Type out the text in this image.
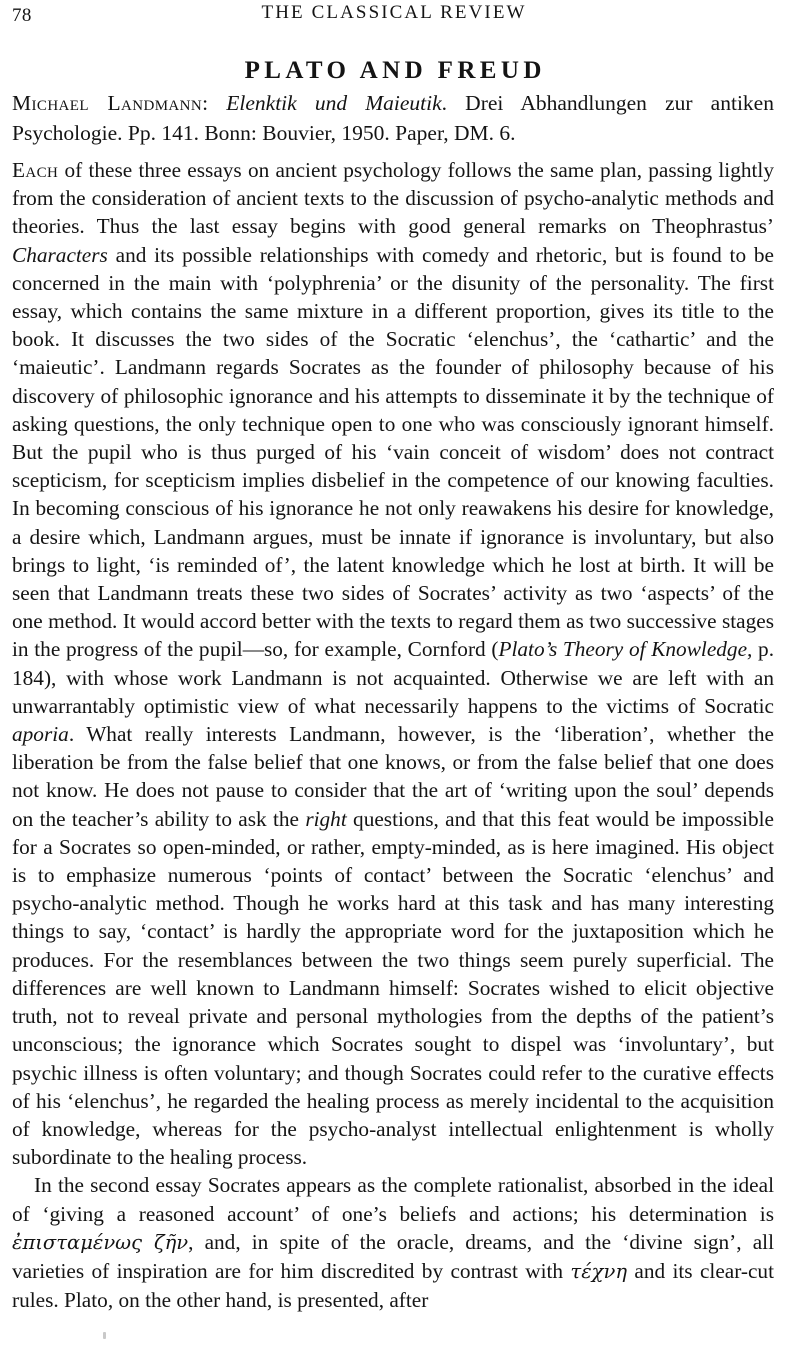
78	THE CLASSICAL REVIEW
PLATO AND FREUD
Michael Landmann: Elenktik und Maieutik. Drei Abhandlungen zur antiken Psychologie. Pp. 141. Bonn: Bouvier, 1950. Paper, DM. 6.

Each of these three essays on ancient psychology follows the same plan, passing lightly from the consideration of ancient texts to the discussion of psycho-analytic methods and theories. Thus the last essay begins with good general remarks on Theophrastus’ Characters and its possible relationships with comedy and rhetoric, but is found to be concerned in the main with ‘polyphrenia’ or the disunity of the personality. The first essay, which contains the same mixture in a different proportion, gives its title to the book. It discusses the two sides of the Socratic ‘elenchus’, the ‘cathartic’ and the ‘maieutic’. Landmann regards Socrates as the founder of philosophy because of his discovery of philosophic ignorance and his attempts to disseminate it by the technique of asking questions, the only technique open to one who was consciously ignorant himself. But the pupil who is thus purged of his ‘vain conceit of wisdom’ does not contract scepticism, for scepticism implies disbelief in the competence of our knowing faculties. In becoming conscious of his ignorance he not only reawakens his desire for knowledge, a desire which, Landmann argues, must be innate if ignorance is involuntary, but also brings to light, ‘is reminded of’, the latent knowledge which he lost at birth. It will be seen that Landmann treats these two sides of Socrates’ activity as two ‘aspects’ of the one method. It would accord better with the texts to regard them as two successive stages in the progress of the pupil—so, for example, Cornford (Plato’s Theory of Knowledge, p. 184), with whose work Landmann is not acquainted. Otherwise we are left with an unwarrantably optimistic view of what necessarily happens to the victims of Socratic aporia. What really interests Landmann, however, is the ‘liberation’, whether the liberation be from the false belief that one knows, or from the false belief that one does not know. He does not pause to consider that the art of ‘writing upon the soul’ depends on the teacher’s ability to ask the right questions, and that this feat would be impossible for a Socrates so open-minded, or rather, empty-minded, as is here imagined. His object is to emphasize numerous ‘points of contact’ between the Socratic ‘elenchus’ and psycho-analytic method. Though he works hard at this task and has many interesting things to say, ‘contact’ is hardly the appropriate word for the juxtaposition which he produces. For the resemblances between the two things seem purely superficial. The differences are well known to Landmann himself: Socrates wished to elicit objective truth, not to reveal private and personal mythologies from the depths of the patient’s unconscious; the ignorance which Socrates sought to dispel was ‘involuntary’, but psychic illness is often voluntary; and though Socrates could refer to the curative effects of his ‘elenchus’, he regarded the healing process as merely incidental to the acquisition of knowledge, whereas for the psycho-analyst intellectual enlightenment is wholly subordinate to the healing process.

In the second essay Socrates appears as the complete rationalist, absorbed in the ideal of ‘giving a reasoned account’ of one’s beliefs and actions; his determination is ἐπισταμένως ζῆν, and, in spite of the oracle, dreams, and the ‘divine sign’, all varieties of inspiration are for him discredited by contrast with τέχνη and its clear-cut rules. Plato, on the other hand, is presented, after
